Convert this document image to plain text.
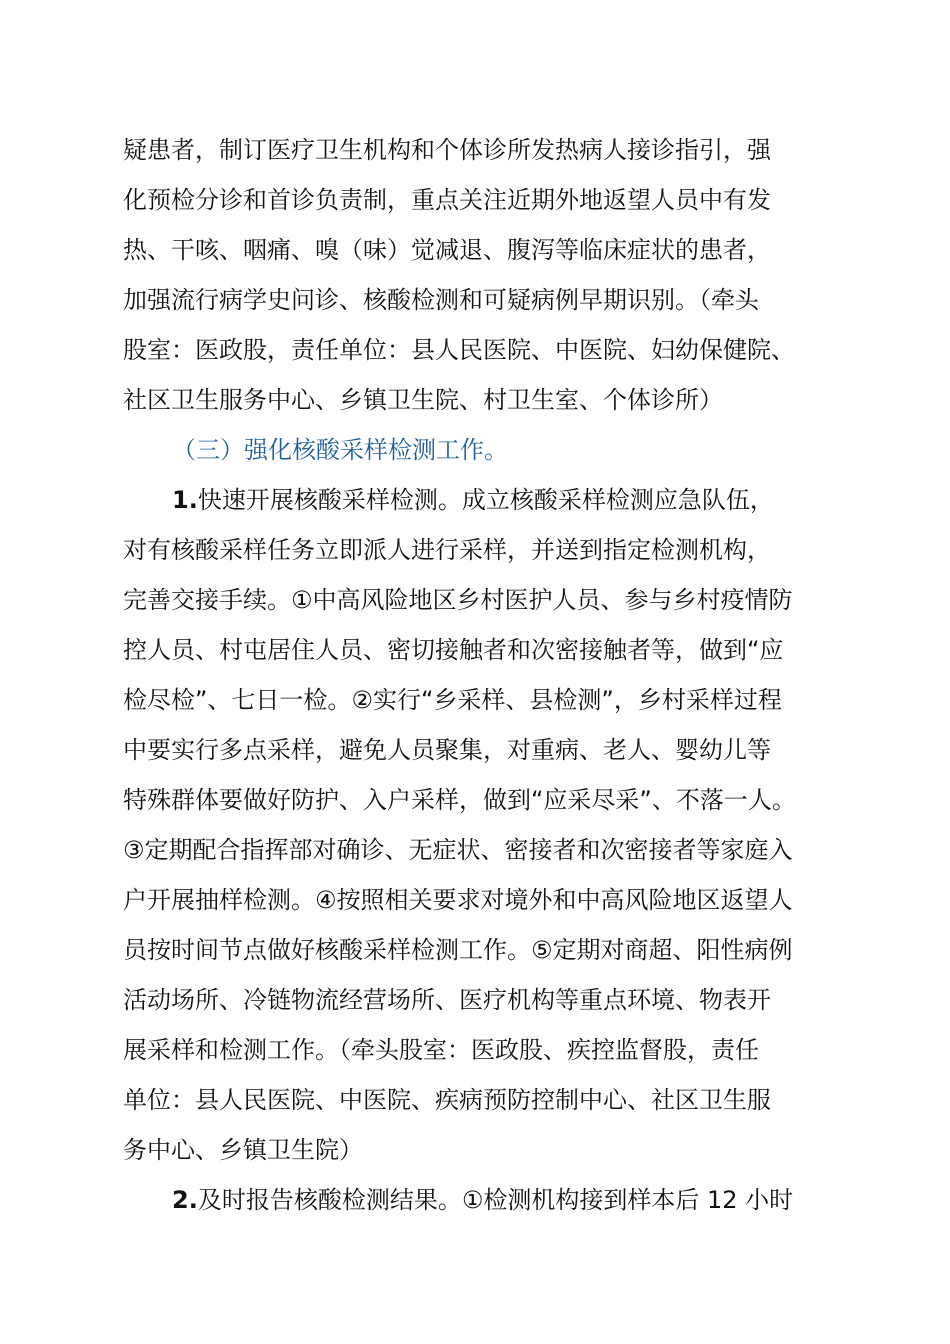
疑患者，制订医疗卫生机构和个体诊所发热病人接诊指引，强
化预检分诊和首诊负责制，重点关注近期外地返望人员中有发
热、干咳、咽痛、嗅（味）觉减退、腹泻等临床症状的患者，
加强流行病学史问诊、核酸检测和可疑病例早期识别。（牵头
股室：医政股，责任单位：县人民医院、中医院、妇幼保健院、
社区卫生服务中心、乡镇卫生院、村卫生室、个体诊所）
（三）强化核酸采样检测工作。
1.快速开展核酸采样检测。成立核酸采样检测应急队伍，
对有核酸采样任务立即派人进行采样，并送到指定检测机构，
完善交接手续。①中高风险地区乡村医护人员、参与乡村疫情防
控人员、村屯居住人员、密切接触者和次密接触者等，做到“应
检尽检”、七日一检。②实行“乡采样、县检测”，乡村采样过程
中要实行多点采样，避免人员聚集，对重病、老人、婴幼儿等
特殊群体要做好防护、入户采样，做到“应采尽采”、不落一人。
③定期配合指挥部对确诊、无症状、密接者和次密接者等家庭入
户开展抽样检测。④按照相关要求对境外和中高风险地区返望人
员按时间节点做好核酸采样检测工作。⑤定期对商超、阳性病例
活动场所、冷链物流经营场所、医疗机构等重点环境、物表开
展采样和检测工作。（牵头股室：医政股、疾控监督股，责任
单位：县人民医院、中医院、疾病预防控制中心、社区卫生服
务中心、乡镇卫生院）
2.及时报告核酸检测结果。①检测机构接到样本后 12 小时
